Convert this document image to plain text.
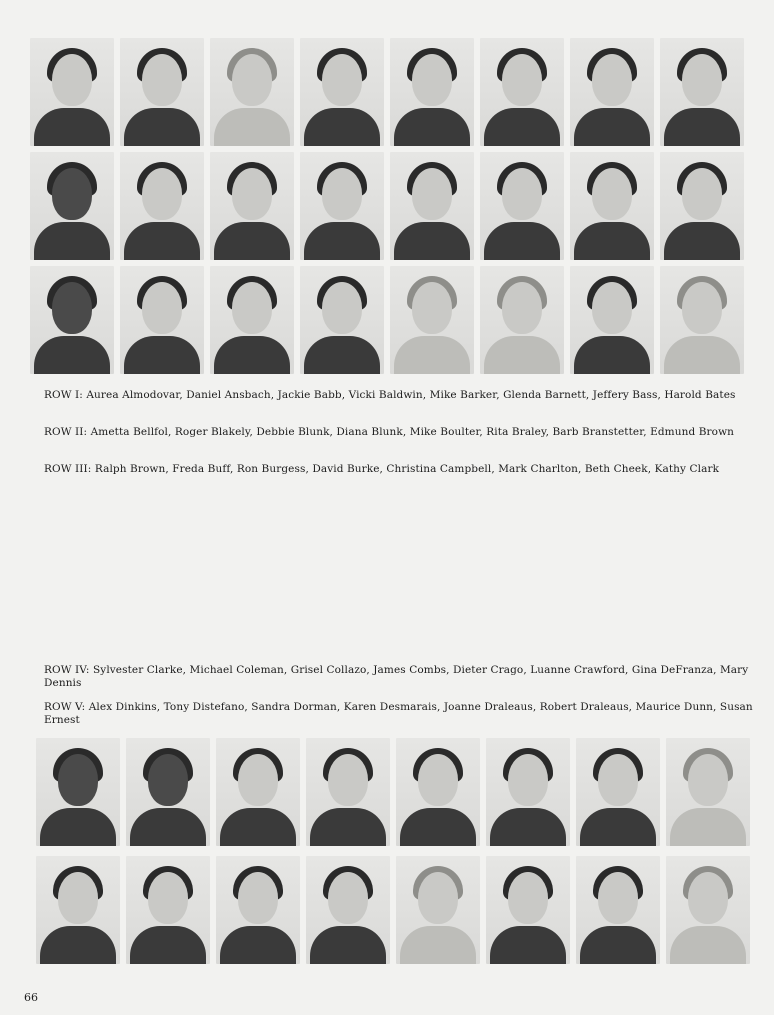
ROW I: Aurea Almodovar, Daniel Ansbach, Jackie Babb, Vicki Baldwin, Mike Barker, Glenda Barnett, Jeffery Bass, Harold Bates
ROW II: Ametta Bellfol, Roger Blakely, Debbie Blunk, Diana Blunk, Mike Boulter, Rita Braley, Barb Branstetter, Edmund Brown
ROW III: Ralph Brown, Freda Buff, Ron Burgess, David Burke, Christina Campbell, Mark Charlton, Beth Cheek, Kathy Clark
ROW IV: Sylvester Clarke, Michael Coleman, Grisel Collazo, James Combs, Dieter Crago, Luanne Crawford, Gina DeFranza, Mary Dennis
ROW V: Alex Dinkins, Tony Distefano, Sandra Dorman, Karen Desmarais, Joanne Draleaus, Robert Draleaus, Maurice Dunn, Susan Ernest
66
